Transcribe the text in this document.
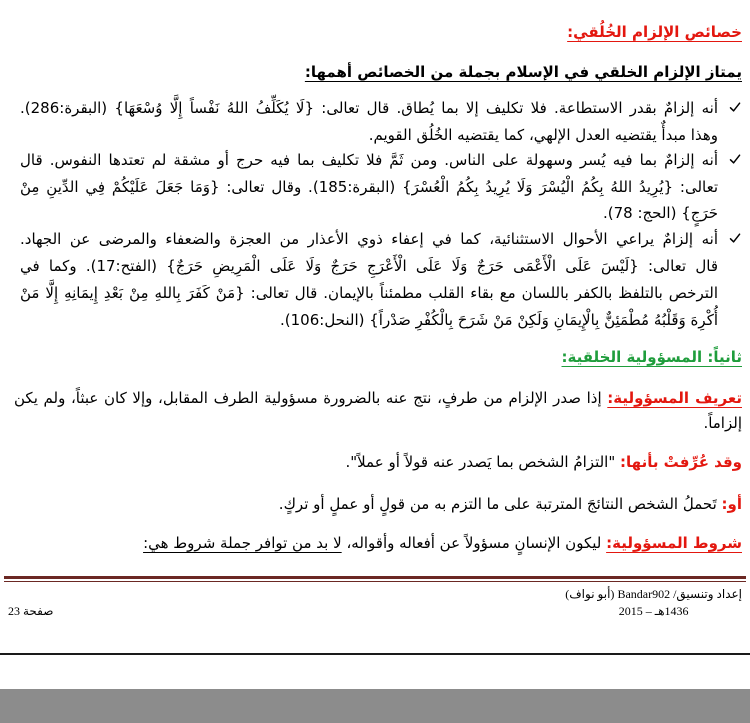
خصائص الإلزام الخُلُقي:
يمتاز الإلزام الخلقي في الإسلام بجملة من الخصائص أهمها:
أنه إلزامٌ بقدر الاستطاعة. فلا تكليف إلا بما يُطاق. قال تعالى: {لَا يُكَلِّفُ اللهُ نَفْساً إِلَّا وُسْعَهَا} (البقرة:286).
وهذا مبدأٌ يقتضيه العدل الإلهي، كما يقتضيه الخُلُق القويم.
أنه إلزامٌ بما فيه يُسر وسهولة على الناس. ومن ثَمَّ فلا تكليف بما فيه حرج أو مشقة لم تعتدها النفوس. قال
تعالى: {يُرِيدُ اللهُ بِكُمُ الْيُسْرَ وَلَا يُرِيدُ بِكُمُ الْعُسْرَ} (البقرة:185). وقال تعالى: {وَمَا جَعَلَ عَلَيْكُمْ فِي الدِّينِ مِنْ
حَرَجٍ} (الحج: 78).
أنه إلزامٌ يراعي الأحوال الاستثنائية، كما في إعفاء ذوي الأعذار من العجزة والضعفاء والمرضى عن الجهاد.
قال تعالى: {لَيْسَ عَلَى الْأَعْمَى حَرَجٌ وَلَا عَلَى الْأَعْرَجِ حَرَجٌ وَلَا عَلَى الْمَرِيضِ حَرَجٌ} (الفتح:17). وكما في
الترخص بالتلفظ بالكفر باللسان مع بقاء القلب مطمئناً بالإيمان. قال تعالى: {مَنْ كَفَرَ بِاللهِ مِنْ بَعْدِ إِيمَانِهِ إِلَّا مَنْ
أُكْرِهَ وَقَلْبُهُ مُطْمَئِنٌّ بِالْإِيمَانِ وَلَكِنْ مَنْ شَرَحَ بِالْكُفْرِ صَدْراً} (النحل:106).
ثانياً: المسؤولية الخلقية:
تعريف المسؤولية: إذا صدر الإلزام من طرفٍ، نتج عنه بالضرورة مسؤولية الطرف المقابل، وإلا كان عبثاً، ولم يكن
إلزاماً.
وقد عُرِّفتْ بأنها: "التزامُ الشخص بما يَصدر عنه قولاً أو عملاً".
أو: تَحملُ الشخص النتائجَ المترتبة على ما التزم به من قولٍ أو عملٍ أو تركٍ.
شروط المسؤولية: ليكون الإنسانٍ مسؤولاً عن أفعاله وأقواله، لا بد من توافر جملة شروط هي:
إعداد وتنسيق/ Bandar902 (أبو نواف)
1436هـ – 2015
صفحة 23
